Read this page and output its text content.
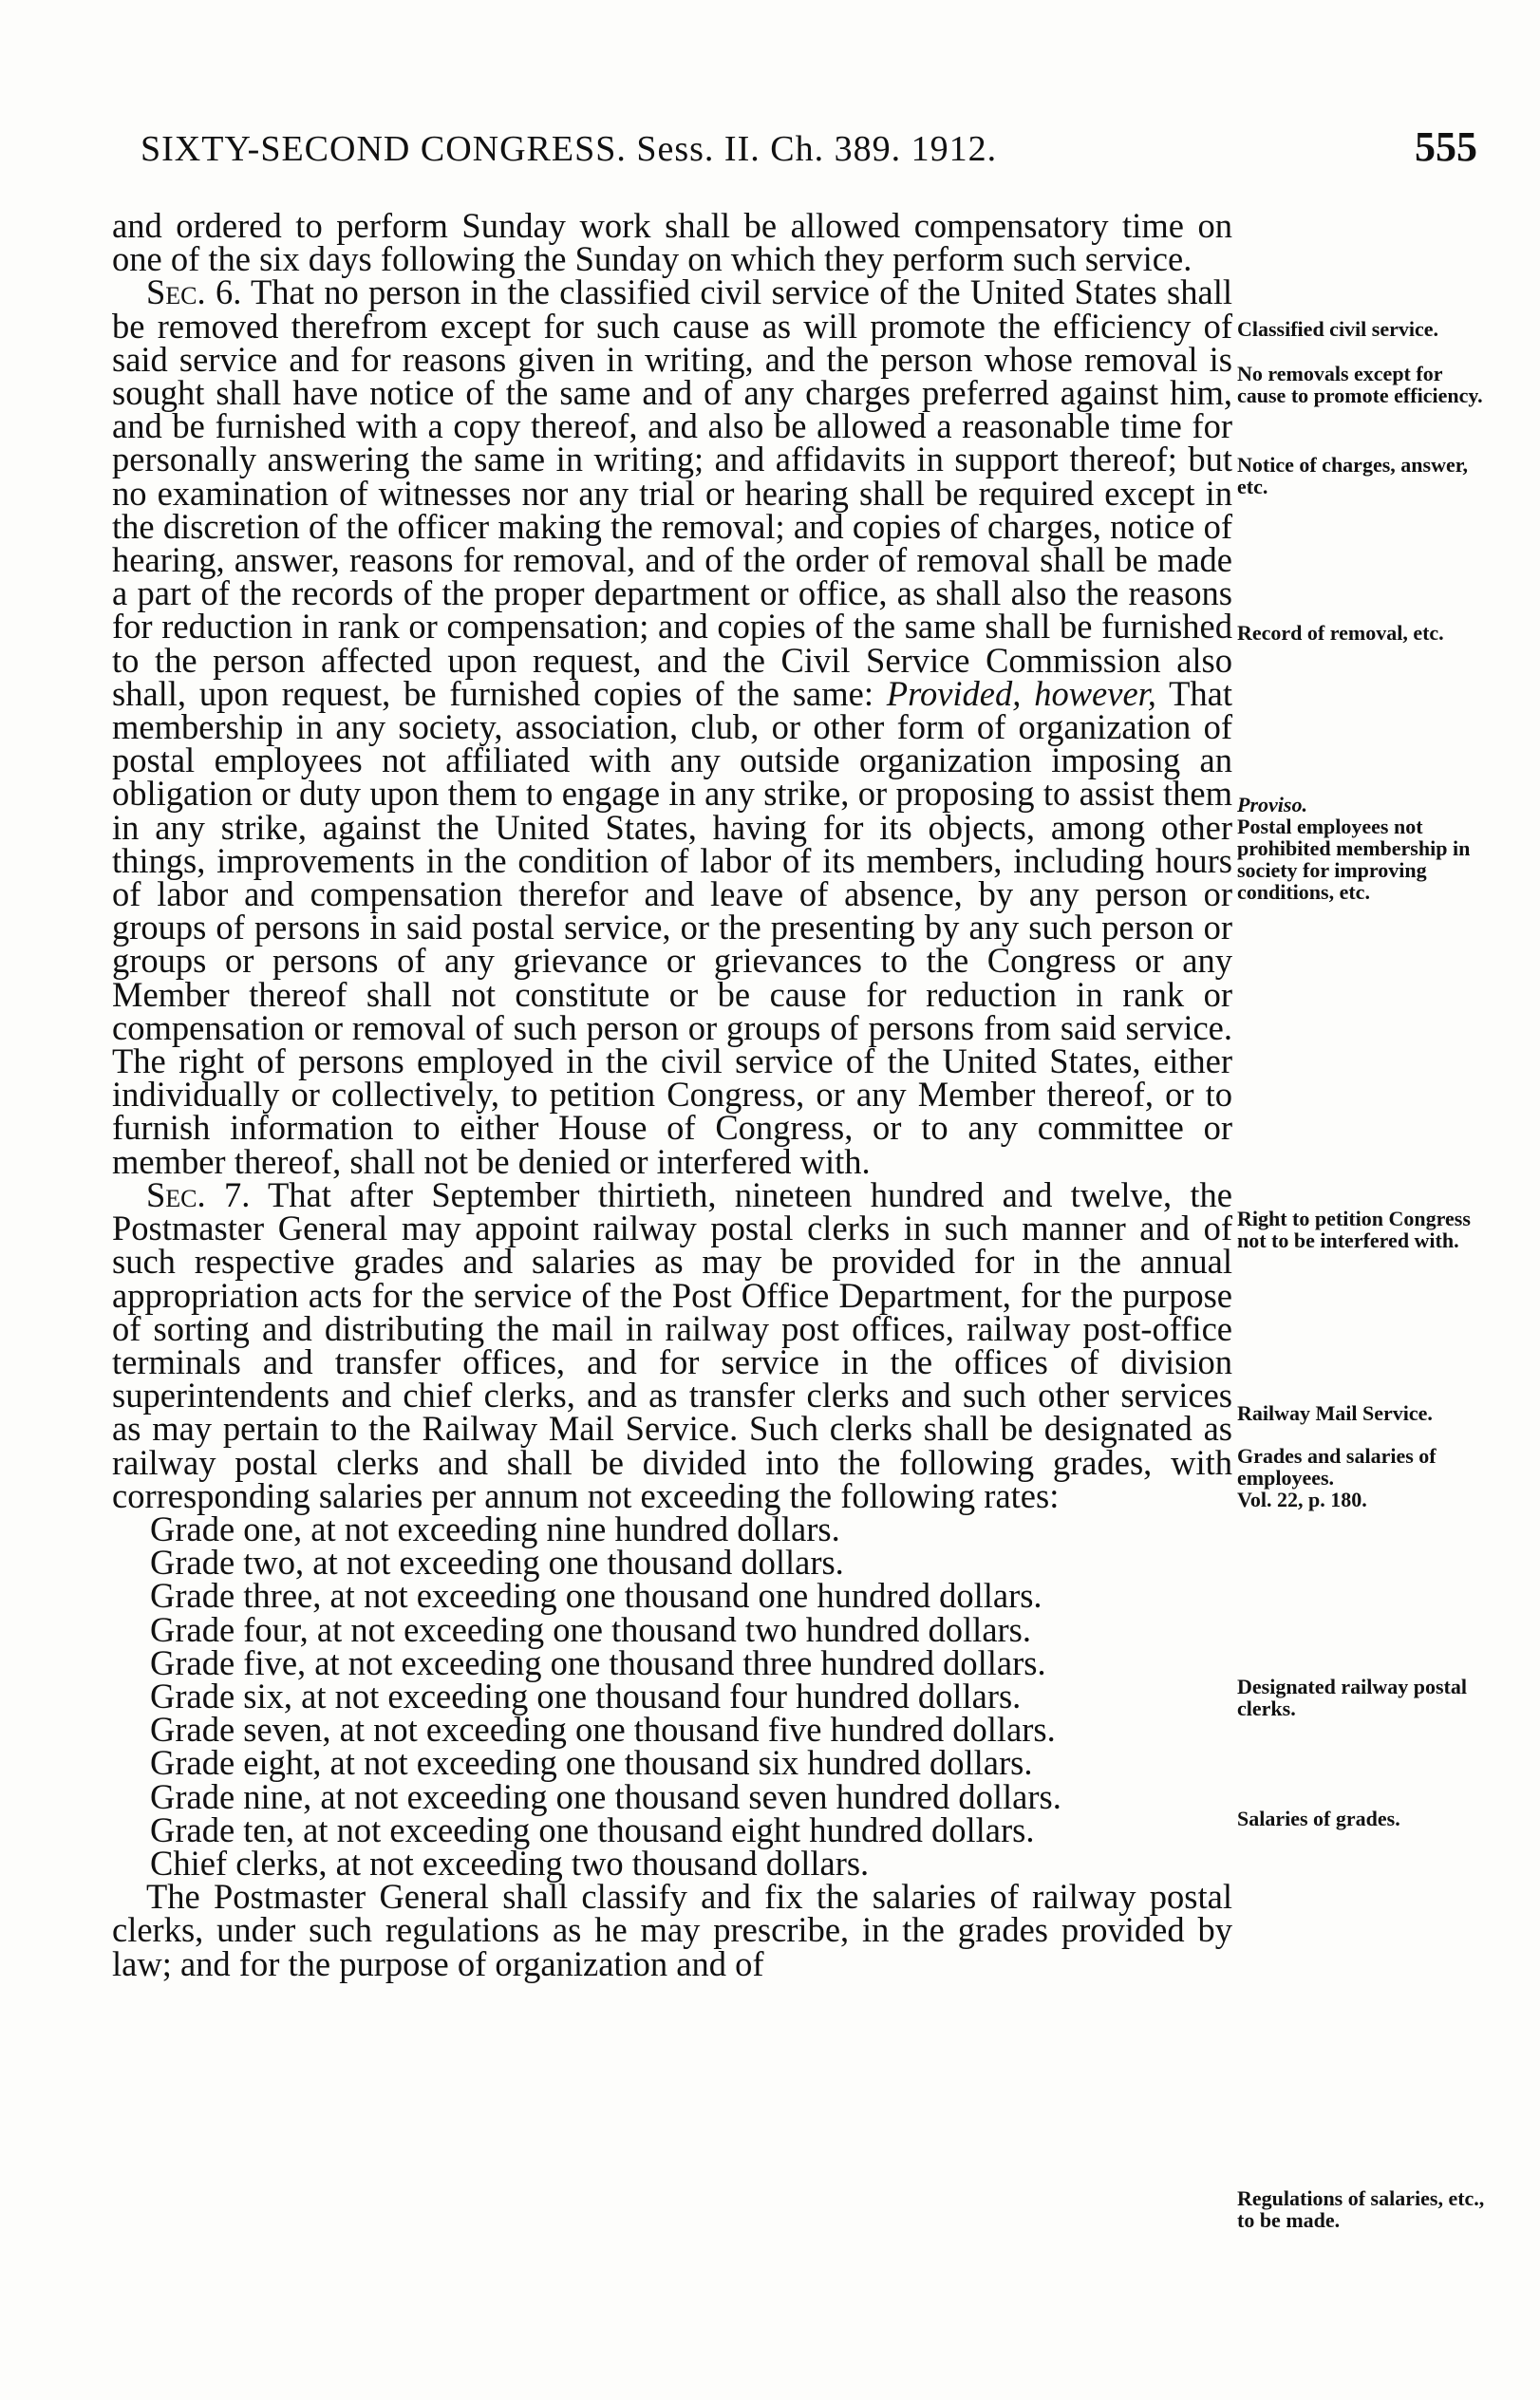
SIXTY-SECOND CONGRESS. Sess. II. Ch. 389. 1912.	555

and ordered to perform Sunday work shall be allowed compensatory time on one of the six days following the Sunday on which they perform such service.

Sec. 6. That no person in the classified civil service of the United States shall be removed therefrom except for such cause as will promote the efficiency of said service and for reasons given in writing, and the person whose removal is sought shall have notice of the same and of any charges preferred against him, and be furnished with a copy thereof, and also be allowed a reasonable time for personally answering the same in writing; and affidavits in support thereof; but no examination of witnesses nor any trial or hearing shall be required except in the discretion of the officer making the removal; and copies of charges, notice of hearing, answer, reasons for removal, and of the order of removal shall be made a part of the records of the proper department or office, as shall also the reasons for reduction in rank or compensation; and copies of the same shall be furnished to the person affected upon request, and the Civil Service Commission also shall, upon request, be furnished copies of the same: Provided, however, That membership in any society, association, club, or other form of organization of postal employees not affiliated with any outside organization imposing an obligation or duty upon them to engage in any strike, or proposing to assist them in any strike, against the United States, having for its objects, among other things, improvements in the condition of labor of its members, including hours of labor and compensation therefor and leave of absence, by any person or groups of persons in said postal service, or the presenting by any such person or groups or persons of any grievance or grievances to the Congress or any Member thereof shall not constitute or be cause for reduction in rank or compensation or removal of such person or groups of persons from said service. The right of persons employed in the civil service of the United States, either individually or collectively, to petition Congress, or any Member thereof, or to furnish information to either House of Congress, or to any committee or member thereof, shall not be denied or interfered with.

Sec. 7. That after September thirtieth, nineteen hundred and twelve, the Postmaster General may appoint railway postal clerks in such manner and of such respective grades and salaries as may be provided for in the annual appropriation acts for the service of the Post Office Department, for the purpose of sorting and distributing the mail in railway post offices, railway post-office terminals and transfer offices, and for service in the offices of division superintendents and chief clerks, and as transfer clerks and such other services as may pertain to the Railway Mail Service. Such clerks shall be designated as railway postal clerks and shall be divided into the following grades, with corresponding salaries per annum not exceeding the following rates:

Grade one, at not exceeding nine hundred dollars.

Grade two, at not exceeding one thousand dollars.

Grade three, at not exceeding one thousand one hundred dollars.

Grade four, at not exceeding one thousand two hundred dollars.

Grade five, at not exceeding one thousand three hundred dollars.

Grade six, at not exceeding one thousand four hundred dollars.

Grade seven, at not exceeding one thousand five hundred dollars.

Grade eight, at not exceeding one thousand six hundred dollars.

Grade nine, at not exceeding one thousand seven hundred dollars.

Grade ten, at not exceeding one thousand eight hundred dollars.

Chief clerks, at not exceeding two thousand dollars.

The Postmaster General shall classify and fix the salaries of railway postal clerks, under such regulations as he may prescribe, in the grades provided by law; and for the purpose of organization and of

Classified civil service.
No removals except for cause to promote efficiency.
Notice of charges, answer, etc.
Record of removal, etc.
Proviso.
Postal employees not prohibited membership in society for improving conditions, etc.
Right to petition Congress not to be interfered with.
Railway Mail Service.
Grades and salaries of employees.
Vol. 22, p. 180.
Designated railway postal clerks.
Salaries of grades.
Regulations of salaries, etc., to be made.
